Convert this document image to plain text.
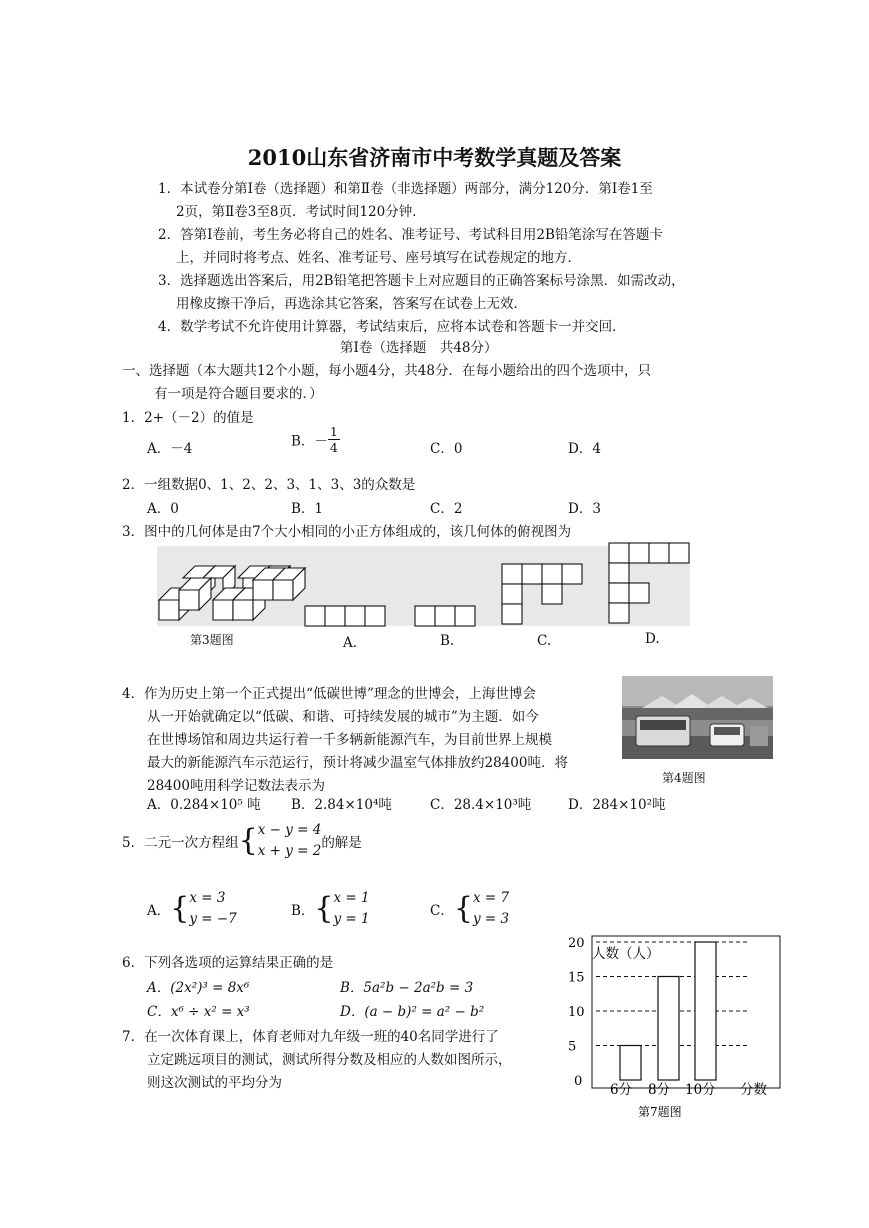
2010山东省济南市中考数学真题及答案
1．本试卷分第Ⅰ卷（选择题）和第Ⅱ卷（非选择题）两部分，满分120分．第Ⅰ卷1至
2页，第Ⅱ卷3至8页．考试时间120分钟．
2．答第Ⅰ卷前，考生务必将自己的姓名、准考证号、考试科目用2B铅笔涂写在答题卡
上，并同时将考点、姓名、准考证号、座号填写在试卷规定的地方．
3．选择题选出答案后，用2B铅笔把答题卡上对应题目的正确答案标号涂黑．如需改动，
用橡皮擦干净后，再选涂其它答案，答案写在试卷上无效．
4．数学考试不允许使用计算器，考试结束后，应将本试卷和答题卡一并交回．
第Ⅰ卷（选择题　共48分）
一、选择题（本大题共12个小题，每小题4分，共48分．在每小题给出的四个选项中，只
有一项是符合题目要求的．）
1．2+（－2）的值是
A．－4	B．－ $\frac{1}{4}$	C．0	D．4
2．一组数据0、1、2、2、3、1、3、3的众数是
A．0	B．1	C．2	D．3
3．图中的几何体是由7个大小相同的小正方体组成的，该几何体的俯视图为
第3题图	A.	B.	C.	D.
4．作为历史上第一个正式提出“低碳世博”理念的世博会，上海世博会
从一开始就确定以“低碳、和谐、可持续发展的城市”为主题．如今
在世博场馆和周边共运行着一千多辆新能源汽车，为目前世界上规模
最大的新能源汽车示范运行，预计将减少温室气体排放约28400吨．将
28400吨用科学记数法表示为	第4题图
A．0.284×10⁵ 吨 B．2.84×10⁴吨	C．28.4×10³吨	D．284×10²吨
5．二元一次方程组{ x − y = 4
x + y = 2 的解是
A．{ x = 3
y = −7	B．{ x = 1
y = 1	C．{ x = 7
y = 3
6．下列各选项的运算结果正确的是
A．(2x²)³ = 8x⁶	B．5a²b − 2a²b = 3
C．x⁶ ÷ x² = x³	D．(a − b)² = a² − b²
7．在一次体育课上，体育老师对九年级一班的40名同学进行了
立定跳远项目的测试，测试所得分数及相应的人数如图所示，
则这次测试的平均分为	0
5
10
15
20
6分 8分 10分
人数（人）
分数
第7题图
